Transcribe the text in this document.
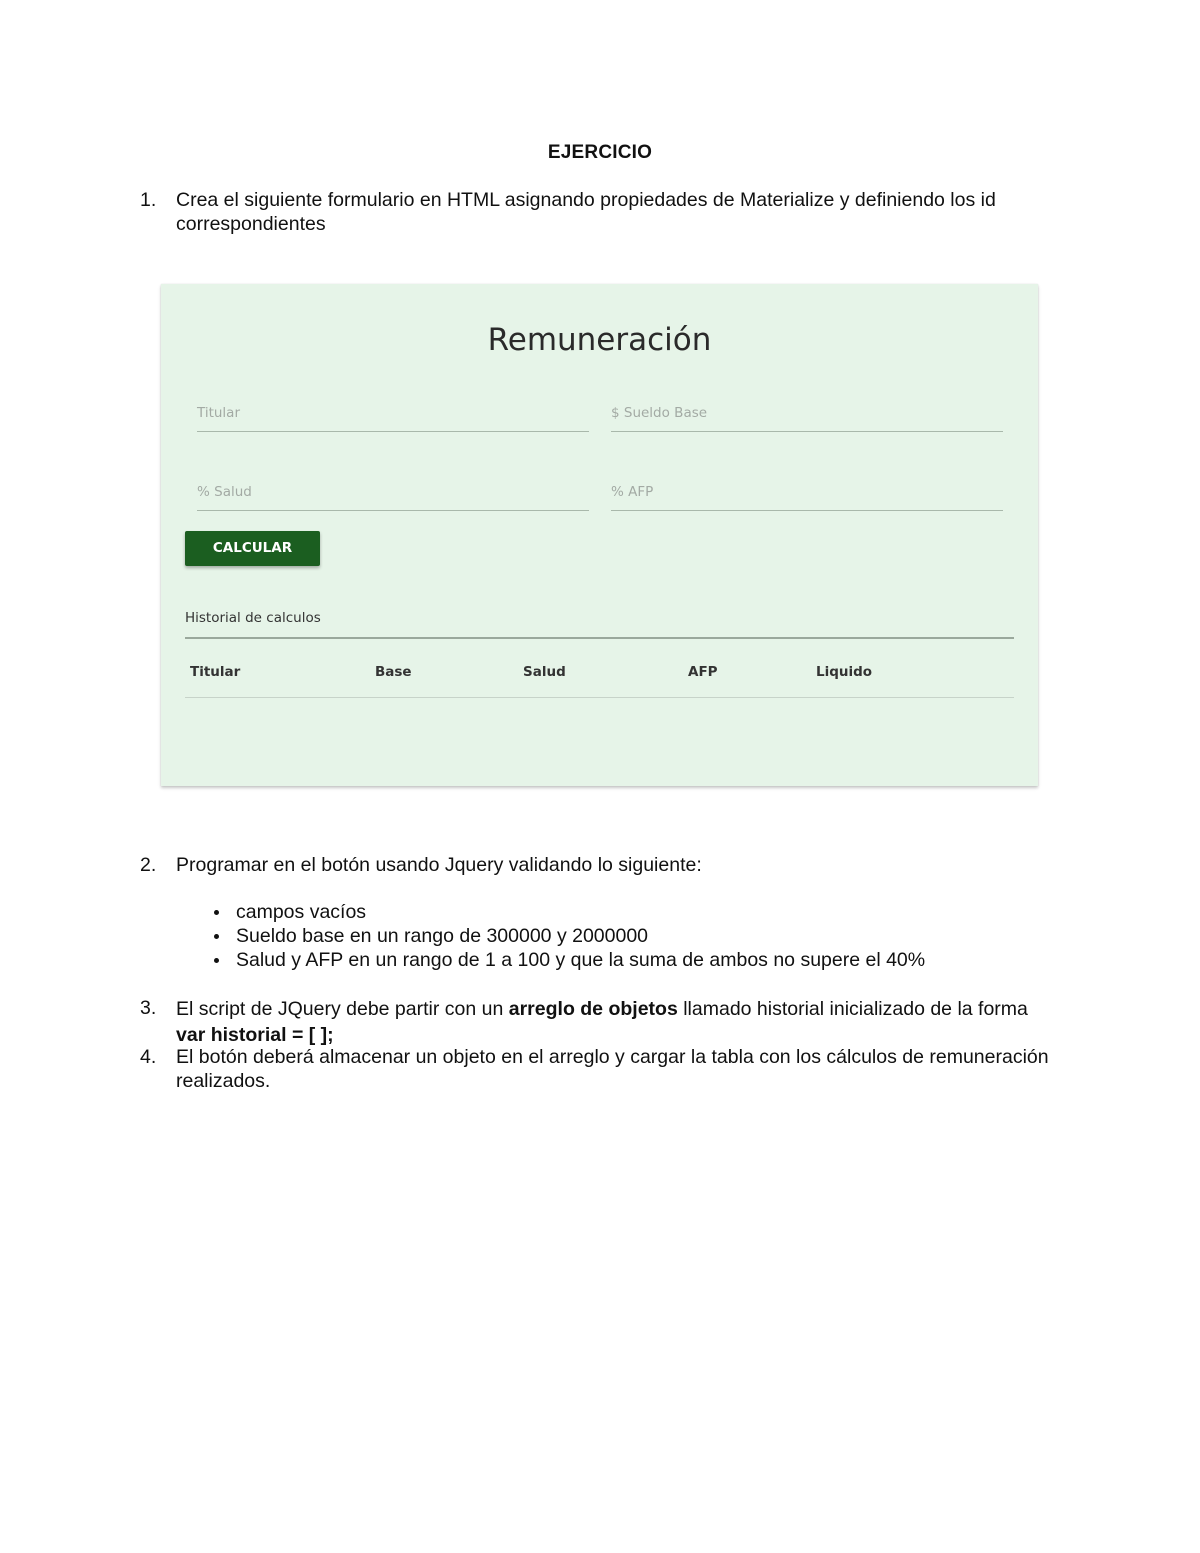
EJERCICIO
1.	Crea el siguiente formulario en HTML asignando propiedades de Materialize y definiendo los id correspondientes
Remuneración
Titular	$ Sueldo Base
% Salud	% AFP
CALCULAR
Historial de calculos
Titular	Base	Salud	AFP	Liquido
2.	Programar en el botón usando Jquery validando lo siguiente:
campos vacíos
Sueldo base en un rango de 300000 y 2000000
Salud y AFP en un rango de 1 a 100 y que la suma de ambos no supere el 40%
3.	El script de JQuery debe partir con un arreglo de objetos llamado historial inicializado de la forma var historial = [ ];
4.	El botón deberá almacenar un objeto en el arreglo y cargar la tabla con los cálculos de remuneración realizados.
